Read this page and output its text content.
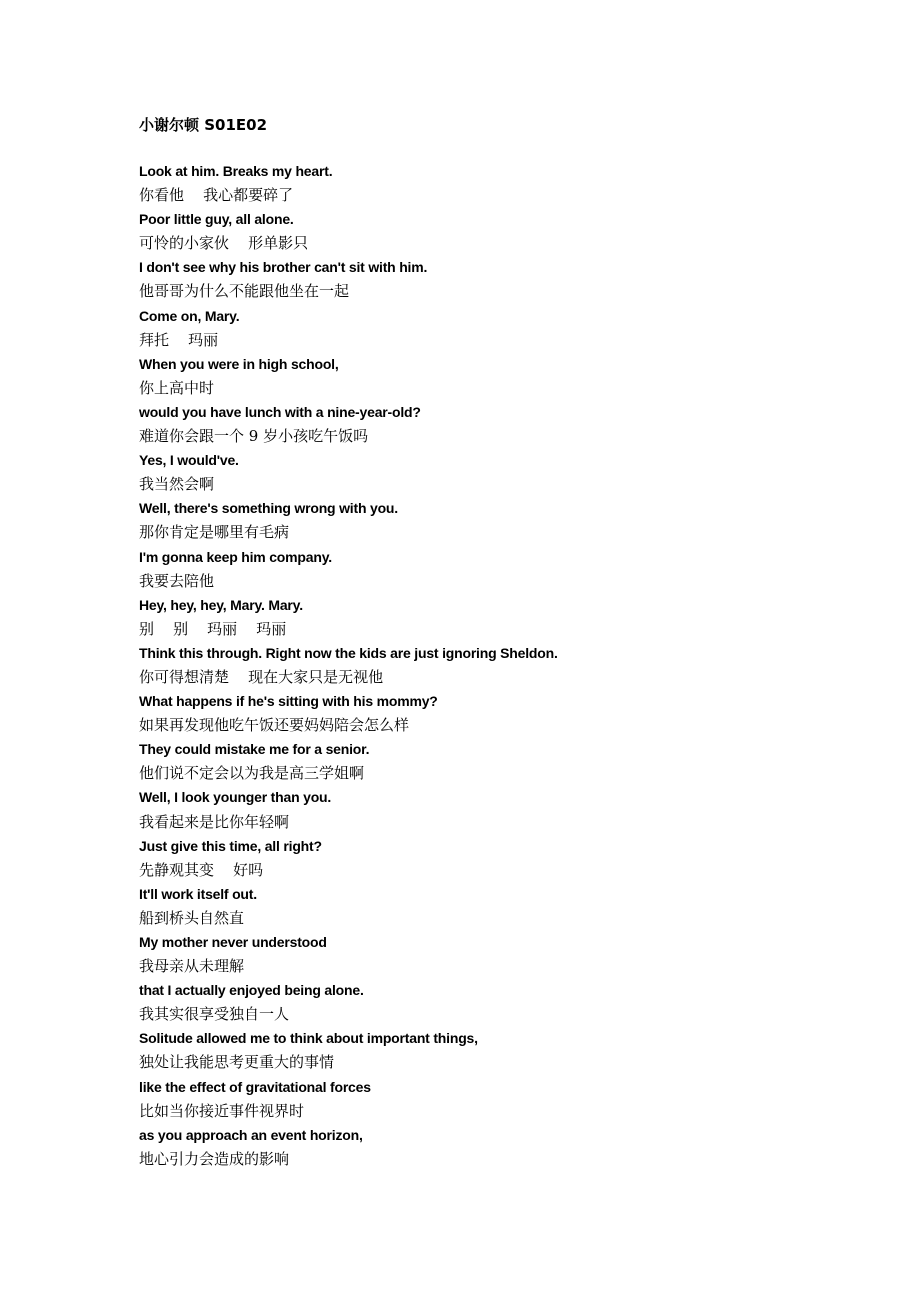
小谢尔顿 S01E02
Look at him. Breaks my heart.
你看他    我心都要碎了
Poor little guy, all alone.
可怜的小家伙    形单影只
I don't see why his brother can't sit with him.
他哥哥为什么不能跟他坐在一起
Come on, Mary.
拜托    玛丽
When you were in high school,
你上高中时
would you have lunch with a nine-year-old?
难道你会跟一个 9 岁小孩吃午饭吗
Yes, I would've.
我当然会啊
Well, there's something wrong with you.
那你肯定是哪里有毛病
I'm gonna keep him company.
我要去陪他
Hey, hey, hey, Mary. Mary.
别    别    玛丽    玛丽
Think this through. Right now the kids are just ignoring Sheldon.
你可得想清楚    现在大家只是无视他
What happens if he's sitting with his mommy?
如果再发现他吃午饭还要妈妈陪会怎么样
They could mistake me for a senior.
他们说不定会以为我是高三学姐啊
Well, I look younger than you.
我看起来是比你年轻啊
Just give this time, all right?
先静观其变    好吗
It'll work itself out.
船到桥头自然直
My mother never understood
我母亲从未理解
that I actually enjoyed being alone.
我其实很享受独自一人
Solitude allowed me to think about important things,
独处让我能思考更重大的事情
like the effect of gravitational forces
比如当你接近事件视界时
as you approach an event horizon,
地心引力会造成的影响
